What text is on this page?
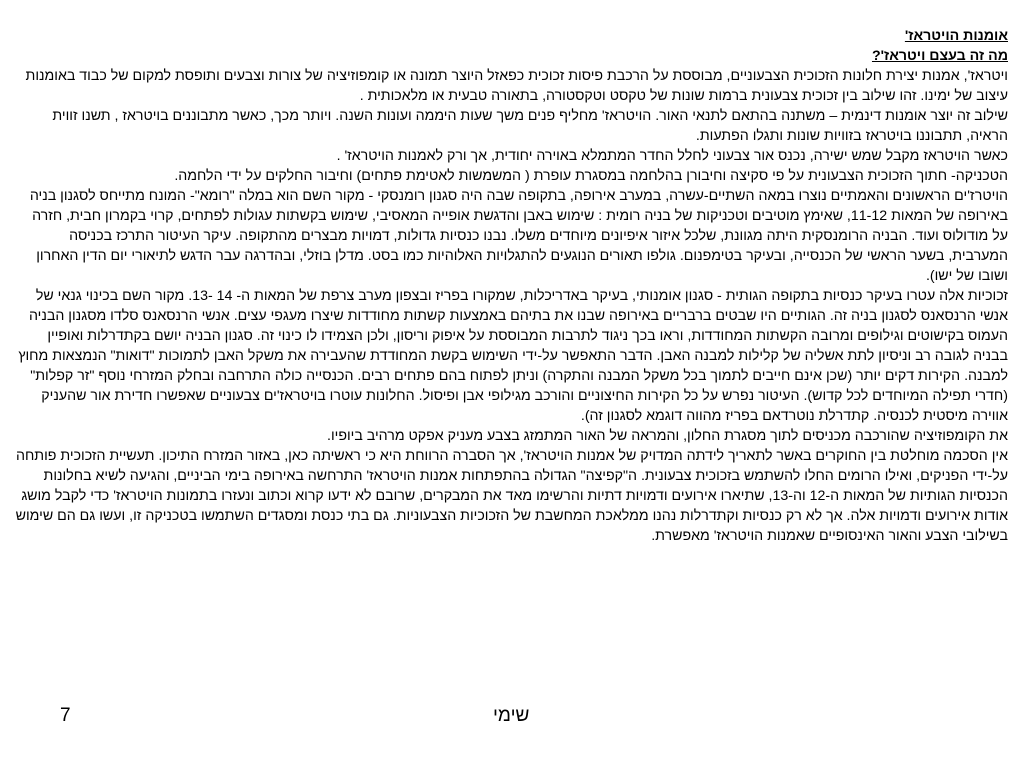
אומנות הויטראז'
מה זה בעצם ויטראז'?

ויטראז', אמנות יצירת חלונות הזכוכית הצבעוניים, מבוססת על הרכבת פיסות זכוכית כפאזל היוצר תמונה או קומפוזיציה של צורות וצבעים ותופסת למקום של כבוד באומנות עיצוב של ימינו. זהו שילוב בין זכוכית צבעונית ברמות שונות של טקסט וטקסטורה, בתאורה טבעית או מלאכותית .

שילוב זה יוצר אומנות דינמית – משתנה בהתאם לתנאי האור. הויטראז' מחליף פנים משך שעות היממה ועונות השנה. ויותר מכך, כאשר מתבוננים בויטראז , תשנו זווית הראיה, תתבוננו בויטראז בזוויות שונות ותגלו הפתעות.

כאשר הויטראז מקבל שמש ישירה, נכנס אור צבעוני לחלל החדר המתמלא באוירה יחודית, אך ורק לאמנות הויטראז' .

הטכניקה- חתוך הזכוכית הצבעונית על פי סקיצה וחיבורן בהלחמה במסגרת עופרת ( המשמשות לאטימת פתחים) וחיבור החלקים על ידי הלחמה.

הויטרז'ים הראשונים והאמתיים נוצרו במאה השתיים-עשרה, במערב אירופה, בתקופה שבה היה סגנון רומנסקי - מקור השם הוא במלה "רומא"- המונח מתייחס לסגנון בניה באירופה של המאות 11-12, שאימץ מוטיבים וטכניקות של בניה רומית : שימוש באבן והדגשת אופייה המאסיבי, שימוש בקשתות עגולות לפתחים, קרוי בקמרון חבית, חזרה על מודולוס ועוד. הבניה הרומנסקית היתה מגוונת, שלכל איזור איפיונים מיוחדים משלו. נבנו כנסיות גדולות, דמויות מבצרים מהתקופה. עיקר העיטור התרכז בכניסה המערבית, בשער הראשי של הכנסייה, ובעיקר בטימפנום. גולפו תאורים הנוגעים להתגלויות האלוהיות כמו בסט. מדלן בוזלי, ובהדרגה עבר הדגש לתיאורי יום הדין האחרון ושובו של ישו).

זכוכיות אלה עטרו בעיקר כנסיות בתקופה הגותית - סגנון אומנותי, בעיקר באדריכלות, שמקורו בפריז ובצפון מערב צרפת של המאות ה- 14 -13. מקור השם בכינוי גנאי של אנשי הרנסאנס לסגנון בניה זה. הגותיים היו שבטים ברבריים באירופה שבנו את בתיהם באמצעות קשתות מחודדות שיצרו מעגפי עצים. אנשי הרנסאנס סלדו מסגנון הבניה העמוס בקישוטים וגילופים ומרובה הקשתות המחודדות, וראו בכך ניגוד לתרבות המבוססת על איפוק וריסון, ולכן הצמידו לו כינוי זה. סגנון הבניה יושם בקתדרלות ואופיין בבניה לגובה רב וניסיון לתת אשליה של קלילות למבנה האבן. הדבר התאפשר על-ידי השימוש בקשת המחודדת שהעבירה את משקל האבן לתמוכות "דואות" הנמצאות מחוץ למבנה. הקירות דקים יותר (שכן אינם חייבים לתמוך בכל משקל המבנה והתקרה) וניתן לפתוח בהם פתחים רבים. הכנסייה כולה התרחבה ובחלק המזרחי נוסף "זר קפלות" (חדרי תפילה המיוחדים לכל קדוש). העיטור נפרש על כל הקירות החיצוניים והורכב מגילופי אבן ופיסול. החלונות עוטרו בויטראז'ים צבעוניים שאפשרו חדירת אור שהעניק אווירה מיסטית לכנסיה. קתדרלת נוטרדאם בפריז מהווה דוגמא לסגנון זה).

את הקומפוזיציה שהורכבה מכניסים לתוך מסגרת החלון, והמראה של האור המתמזג בצבע מעניק אפקט מרהיב ביופיו.

אין הסכמה מוחלטת בין החוקרים באשר לתאריך לידתה המדויק של אמנות הויטראז', אך הסברה הרווחת היא כי ראשיתה כאן, באזור המזרח התיכון. תעשיית הזכוכית פותחה על-ידי הפניקים, ואילו הרומים החלו להשתמש בזכוכית צבעונית. ה"קפיצה" הגדולה בהתפתחות אמנות הויטראז' התרחשה באירופה בימי הביניים, והגיעה לשיא בחלונות הכנסיות הגותיות של המאות ה-12 וה-13, שתיארו אירועים ודמויות דתיות והרשימו מאד את המבקרים, שרובם לא ידעו קרוא וכתוב ונעזרו בתמונות הויטראז' כדי לקבל מושג אודות אירועים ודמויות אלה. אך לא רק כנסיות וקתדרלות נהנו ממלאכת המחשבת של הזכוכיות הצבעוניות. גם בתי כנסת ומסגדים השתמשו בטכניקה זו, ועשו גם הם שימוש בשילובי הצבע והאור האינסופיים שאמנות הויטראז' מאפשרת.

7	שימי
